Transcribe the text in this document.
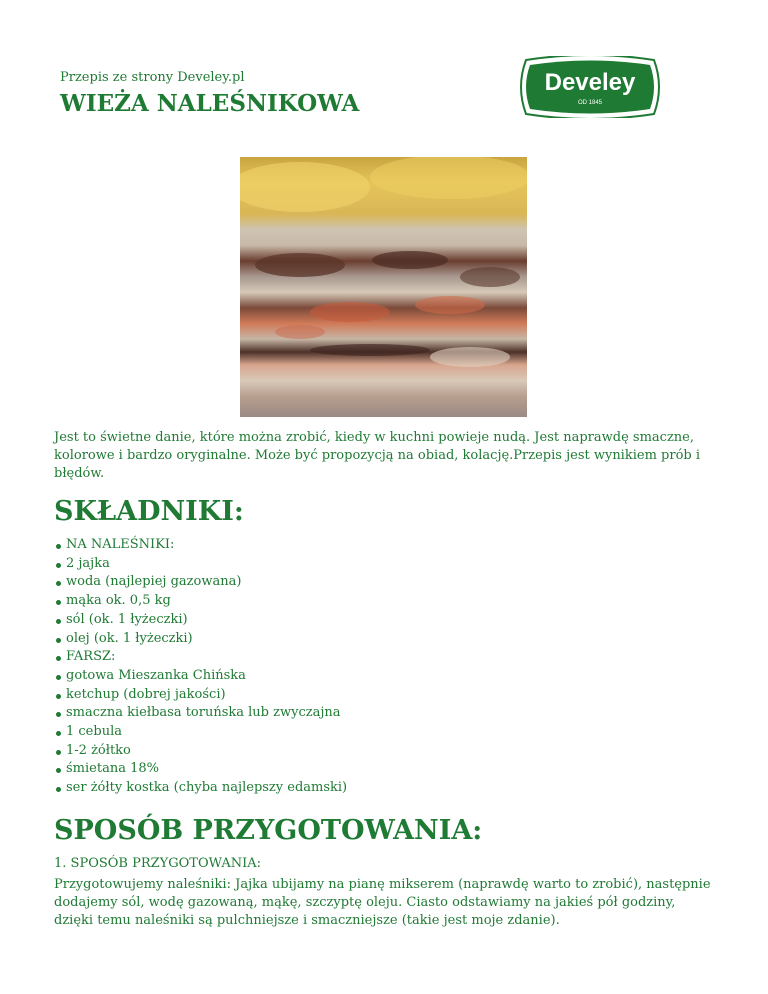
Przepis ze strony Develey.pl
WIEŻA NALEŚNIKOWA
Develey
OD 1845

Jest to świetne danie, które można zrobić, kiedy w kuchni powieje nudą. Jest naprawdę smaczne, kolorowe i bardzo oryginalne. Może być propozycją na obiad, kolację.Przepis jest wynikiem prób i błędów.

SKŁADNIKI:
NA NALEŚNIKI:
2 jajka
woda (najlepiej gazowana)
mąka ok. 0,5 kg
sól (ok. 1 łyżeczki)
olej (ok. 1 łyżeczki)
FARSZ:
gotowa Mieszanka Chińska
ketchup (dobrej jakości)
smaczna kiełbasa toruńska lub zwyczajna
1 cebula
1-2 żółtko
śmietana 18%
ser żółty kostka (chyba najlepszy edamski)
SPOSÓB PRZYGOTOWANIA:
1. SPOSÓB PRZYGOTOWANIA:

Przygotowujemy naleśniki: Jajka ubijamy na pianę mikserem (naprawdę warto to zrobić), następnie dodajemy sól, wodę gazowaną, mąkę, szczyptę oleju. Ciasto odstawiamy na jakieś pół godziny, dzięki temu naleśniki są pulchniejsze i smaczniejsze (takie jest moje zdanie).
